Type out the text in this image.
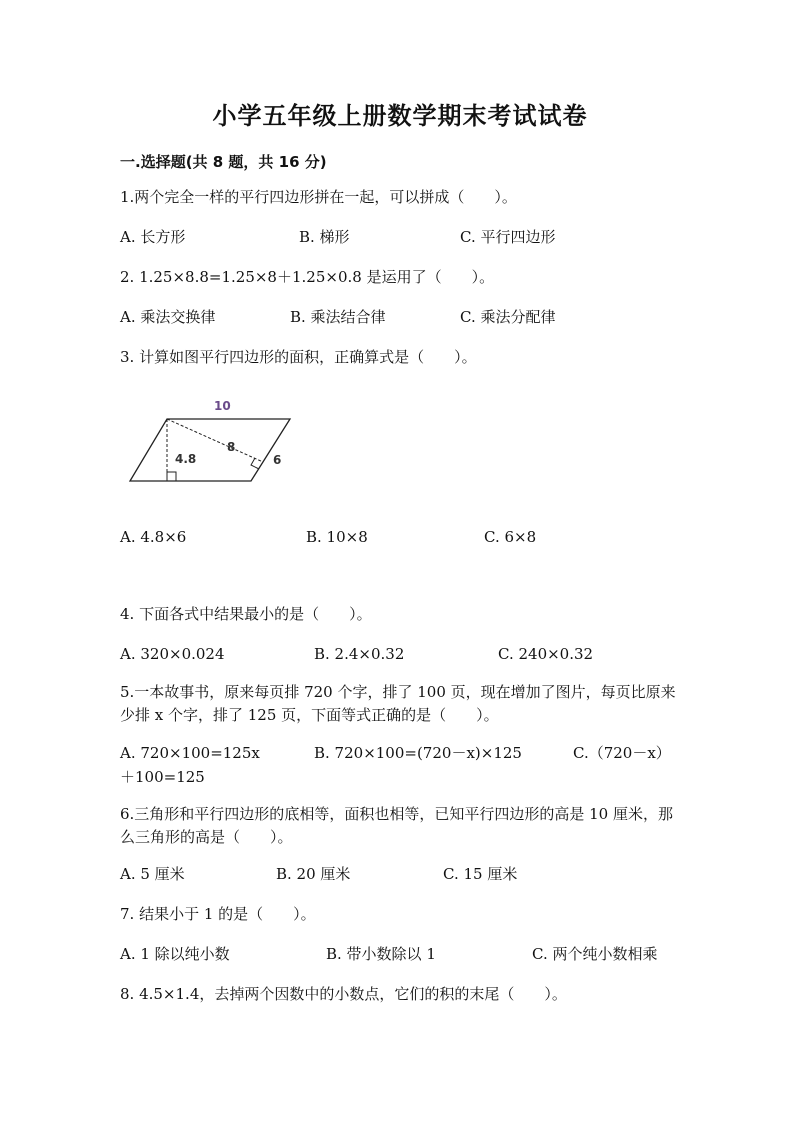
小学五年级上册数学期末考试试卷
一.选择题(共 8 题，共 16 分)
1.两个完全一样的平行四边形拼在一起，可以拼成（　　）。
A. 长方形	B. 梯形	C. 平行四边形
2. 1.25×8.8=1.25×8＋1.25×0.8 是运用了（　　）。
A. 乘法交换律	B. 乘法结合律	C. 乘法分配律
3. 计算如图平行四边形的面积，正确算式是（　　）。
10
8
4.8	6
A. 4.8×6	B. 10×8	C. 6×8
4. 下面各式中结果最小的是（　　）。
A. 320×0.024	B. 2.4×0.32	C. 240×0.32
5.一本故事书，原来每页排 720 个字，排了 100 页，现在增加了图片，每页比原来少排 x 个字，排了 125 页，下面等式正确的是（　　）。
A. 720×100=125x	B. 720×100=(720－x)×125	C.（720－x）＋100=125
6.三角形和平行四边形的底相等，面积也相等，已知平行四边形的高是 10 厘米，那么三角形的高是（　　）。
A. 5 厘米	B. 20 厘米	C. 15 厘米
7. 结果小于 1 的是（　　）。
A. 1 除以纯小数	B. 带小数除以 1	C. 两个纯小数相乘
8. 4.5×1.4，去掉两个因数中的小数点，它们的积的末尾（　　）。
